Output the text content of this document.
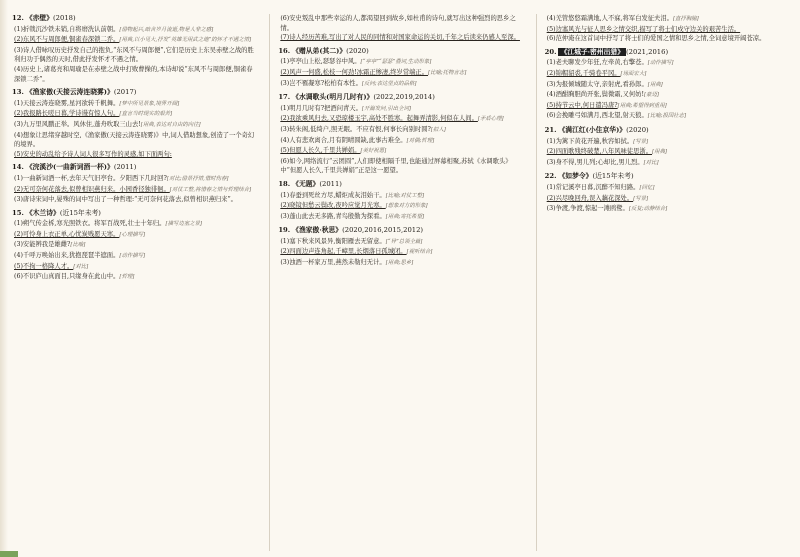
12. 《赤壁》(2018)
(1)折戟沉沙铁未销,自将磨洗认前朝。[借物起兴,暗含岁月流逝,物是人非之感]
(2)东风不与周郎便,铜雀春深锁二乔。[用典,以小见大,抒发“英雄无用武之地”的怀才不遇之情]
(3)诗人借咏叹历史抒发自己的抱负,“东风不与周郎便”,它们是历史上东吴赤壁之战的胜利归功于偶然的天时,借此抒发怀才不遇之情。
(4)历史上,诸葛亮和周瑜是在赤壁之战中打败曹操的,本诗却说“东风不与周郎便,铜雀春深锁二乔”。
13. 《渔家傲(天接云涛连晓雾)》(2017)
(1)天接云涛连晓雾,星河欲转千帆舞。[梦中所见景象,境界开阔]
(2)我报路长嗟日暮,学诗谩有惊人句。[直言当时现实的艰苦]
(3)九万里风鹏正举。风休住,蓬舟吹取三山去![用典,表达对自由的向往]
(4)想象让思绪穿越时空,《渔家傲(天接云涛连晓雾)》中,词人借助想象,创造了一个奇幻的境界。
(5)安史的动乱给予诗人词人很多写作的灵感,如下面两句:
14. 《浣溪沙(一曲新词酒一杯)》(2011)
(1)一曲新词酒一杯,去年天气旧亭台。夕阳西下几时回?[对比;借景抒情,惜时伤春]
(2)无可奈何花落去,似曾相识燕归来。小园香径独徘徊。[对仗工整,将惜春之情与哲理结合]
(3)唐诗宋词中,晏殊的词中写出了一种哲理:“无可奈何花落去,似曾相识燕归来”。
15. 《木兰诗》(近15年未考)
(1)朔气传金柝,寒光照铁衣。将军百战死,壮士十年归。[描写边塞之景]
(2)可怜身上衣正单,心忧炭贱愿天寒。[心理描写]
(3)安能辨我是雄雌?[比喻]
(4)千呼万唤始出来,犹抱琵琶半遮面。[动作描写]
(5)不拘一格降人才。[对比]
(6)不识庐山真面目,只缘身在此山中。[哲理]
(6)安史叛乱中那些幸运的人,都渴望回到故乡,如杜甫的诗句,就写出这种强烈的思乡之情。
(7)诗人经历苦难,写出了对人民的同情和对国家命运的关切,千年之后读来仍感人至深。
16. 《赠从弟(其二)》(2020)
(1)亭亭山上松,瑟瑟谷中风。[“亭亭”“瑟瑟”叠词,生动形象]
(2)风声一何盛,松枝一何劲!冰霜正惨凄,终岁常端正。[比喻;托物言志]
(3)岂不罹凝寒?松柏有本性。[反问;表达坚贞的品格]
17. 《水调歌头(明月几时有)》(2022,2019,2014)
(1)明月几时有?把酒问青天。[开篇发问,引出全词]
(2)我欲乘风归去,又恐琼楼玉宇,高处不胜寒。起舞弄清影,何似在人间。[矛盾心理]
(3)转朱阁,低绮户,照无眠。不应有恨,何事长向别时圆?[拟人]
(4)人有悲欢离合,月有阴晴圆缺,此事古难全。[对偶;哲理]
(5)但愿人长久,千里共婵娟。[美好祝愿]
(6)如今,网络流行“云团圆”,人们即使相隔千里,也能通过屏幕相聚,苏轼《水调歌头》中“但愿人长久,千里共婵娟”正是这一愿望。
18. 《无题》(2011)
(1)春蚕到死丝方尽,蜡炬成灰泪始干。[比喻;对仗工整]
(2)晓镜但愁云鬓改,夜吟应觉月光寒。[想象对方的形象]
(3)蓬山此去无多路,青鸟殷勤为探看。[用典;寄托希望]
19. 《渔家傲·秋思》(2020,2016,2015,2012)
(1)塞下秋来风景异,衡阳雁去无留意。[“异”总领全篇]
(2)四面边声连角起,千嶂里,长烟落日孤城闭。[视听结合]
(3)浊酒一杯家万里,燕然未勒归无计。[用典;思乡]
(4)羌管悠悠霜满地,人不寐,将军白发征夫泪。[直抒胸臆]
(5)边塞风光与征人思乡之情交织,描写了将士们戍守边关的艰苦生活。
(6)范仲淹在这首词中抒写了将士们的爱国之情和思乡之情,全词意境开阔苍凉。
20. 《江城子·密州出猎》 (2021,2016)
(1)老夫聊发少年狂,左牵黄,右擎苍。[动作描写]
(2)锦帽貂裘,千骑卷平冈。[场面宏大]
(3)为报倾城随太守,亲射虎,看孙郎。[用典]
(4)酒酣胸胆尚开张,鬓微霜,又何妨![豪迈]
(5)持节云中,何日遣冯唐?[用典;希望得到重用]
(6)会挽雕弓如满月,西北望,射天狼。[比喻;报国壮志]
21. 《满江红(小住京华)》(2020)
(1)为篱下黄花开遍,秋容如拭。[写景]
(2)四面歌残终破楚,八年风味徒思浙。[用典]
(3)身不得,男儿列;心却比,男儿烈。[对比]
22. 《如梦令》(近15年未考)
(1)常记溪亭日暮,沉醉不知归路。[回忆]
(2)兴尽晚回舟,误入藕花深处。[写景]
(3)争渡,争渡,惊起一滩鸥鹭。[反复;动静结合]
